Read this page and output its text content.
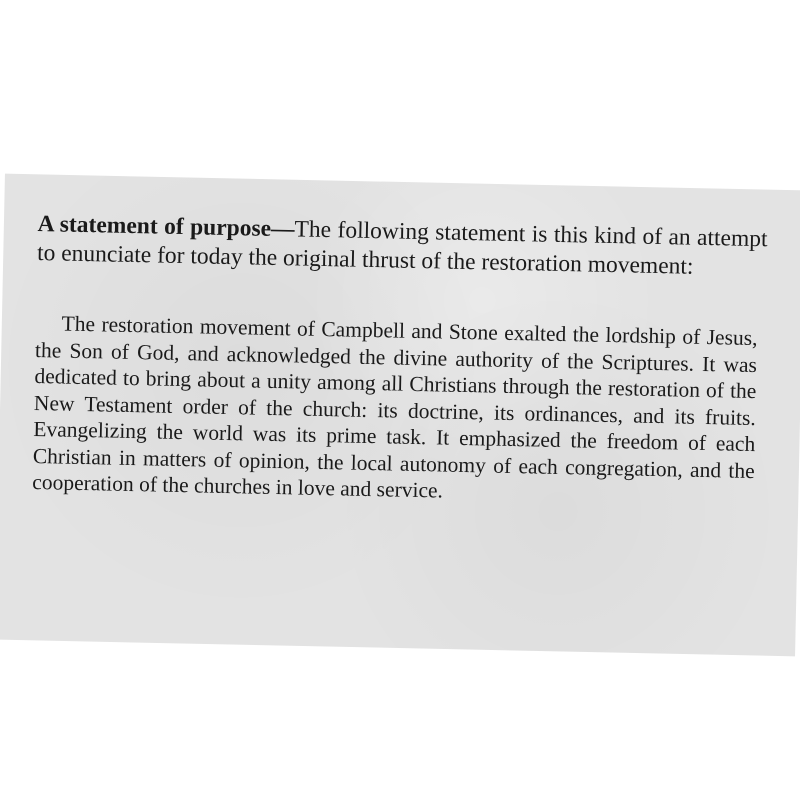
A statement of purpose—The following statement is this kind of an attempt to enunciate for today the original thrust of the restoration movement:

The restoration movement of Campbell and Stone exalted the lordship of Jesus, the Son of God, and acknowledged the divine authority of the Scriptures. It was dedicated to bring about a unity among all Christians through the restoration of the New Testament order of the church: its doctrine, its ordinances, and its fruits. Evangelizing the world was its prime task. It emphasized the freedom of each Christian in matters of opinion, the local autonomy of each congregation, and the cooperation of the churches in love and service.
